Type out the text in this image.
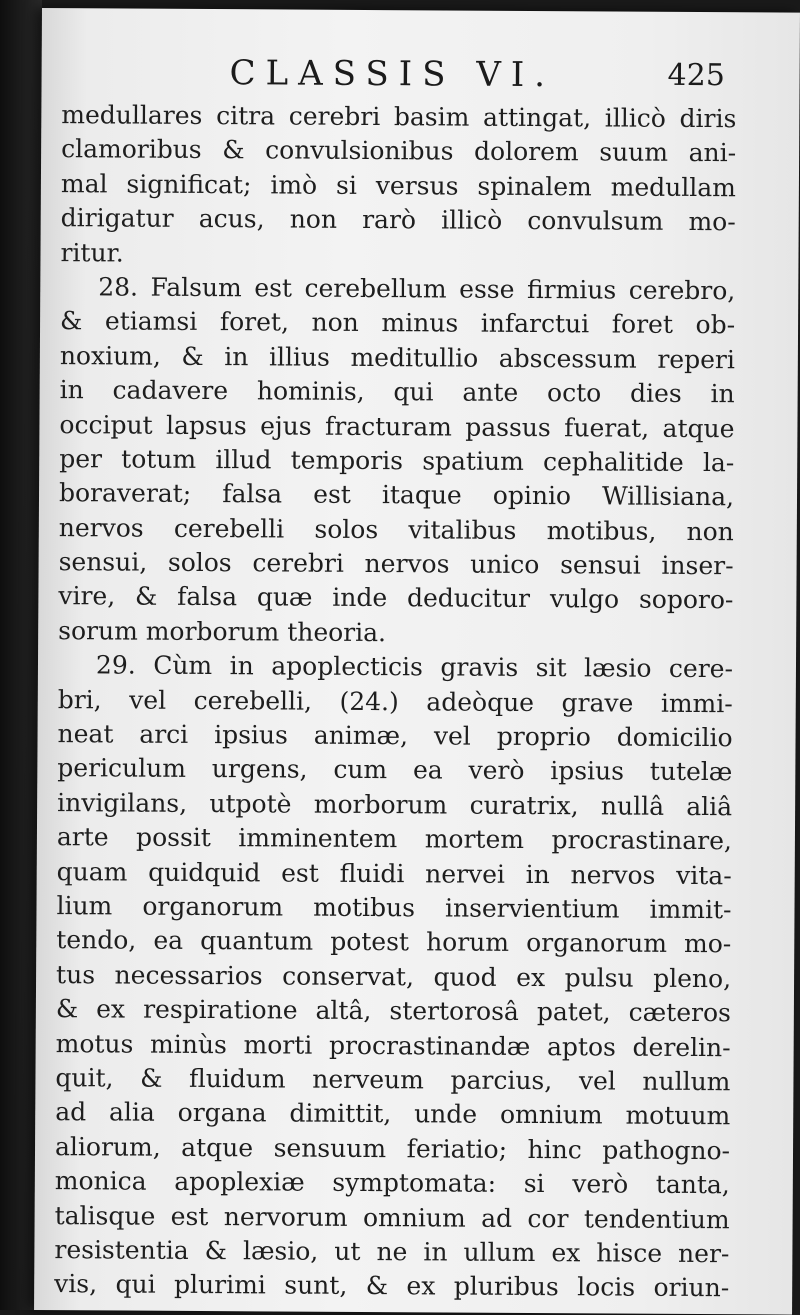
CLASSIS VI.	425
medullares citra cerebri basim attingat, illicò diris
clamoribus & convulsionibus dolorem suum ani-
mal significat; imò si versus spinalem medullam
dirigatur acus, non rarò illicò convulsum mo-
ritur.
28. Falsum est cerebellum esse firmius cerebro,
& etiamsi foret, non minus infarctui foret ob-
noxium, & in illius meditullio abscessum reperi
in cadavere hominis, qui ante octo dies in
occiput lapsus ejus fracturam passus fuerat, atque
per totum illud temporis spatium cephalitide la-
boraverat; falsa est itaque opinio Willisiana,
nervos cerebelli solos vitalibus motibus, non
sensui, solos cerebri nervos unico sensui inser-
vire, & falsa quæ inde deducitur vulgo soporo-
sorum morborum theoria.
29. Cùm in apoplecticis gravis sit læsio cere-
bri, vel cerebelli, (24.) adeòque grave immi-
neat arci ipsius animæ, vel proprio domicilio
periculum urgens, cum ea verò ipsius tutelæ
invigilans, utpotè morborum curatrix, nullâ aliâ
arte possit imminentem mortem procrastinare,
quam quidquid est fluidi nervei in nervos vita-
lium organorum motibus inservientium immit-
tendo, ea quantum potest horum organorum mo-
tus necessarios conservat, quod ex pulsu pleno,
& ex respiratione altâ, stertorosâ patet, cæteros
motus minùs morti procrastinandæ aptos derelin-
quit, & fluidum nerveum parcius, vel nullum
ad alia organa dimittit, unde omnium motuum
aliorum, atque sensuum feriatio; hinc pathogno-
monica apoplexiæ symptomata: si verò tanta,
talisque est nervorum omnium ad cor tendentium
resistentia & læsio, ut ne in ullum ex hisce ner-
vis, qui plurimi sunt, & ex pluribus locis oriun-
